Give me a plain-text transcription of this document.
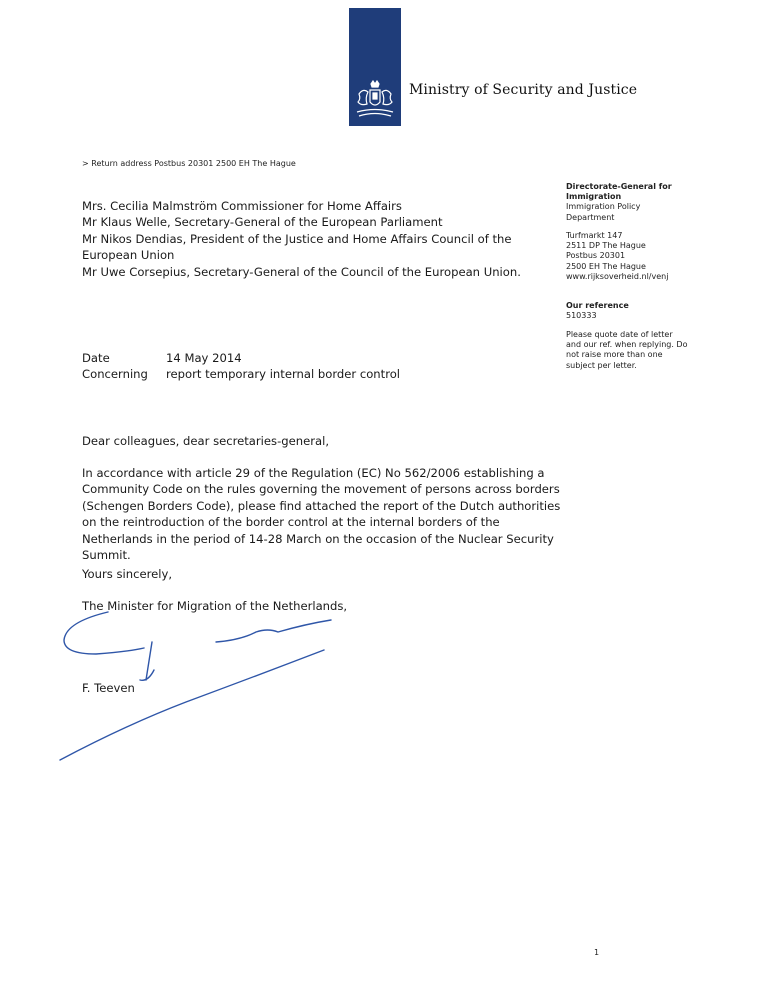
Ministry of Security and Justice
> Return address Postbus 20301 2500 EH The Hague
Mrs. Cecilia Malmström Commissioner for Home Affairs
Mr Klaus Welle, Secretary-General of the European Parliament
Mr Nikos Dendias, President of the Justice and Home Affairs Council of the
European Union
Mr Uwe Corsepius, Secretary-General of the Council of the European Union.
Directorate-General for
Immigration
Immigration Policy
Department
Turfmarkt 147
2511 DP The Hague
Postbus 20301
2500 EH The Hague
www.rijksoverheid.nl/venj
Our reference
510333
Please quote date of letter
and our ref. when replying. Do
not raise more than one
subject per letter.
Date	14 May 2014
Concerning	report temporary internal border control
Dear colleagues, dear secretaries-general,
In accordance with article 29 of the Regulation (EC) No 562/2006 establishing a
Community Code on the rules governing the movement of persons across borders
(Schengen Borders Code), please find attached the report of the Dutch authorities
on the reintroduction of the border control at the internal borders of the
Netherlands in the period of 14-28 March on the occasion of the Nuclear Security
Summit.
Yours sincerely,
The Minister for Migration of the Netherlands,
F. Teeven
1
